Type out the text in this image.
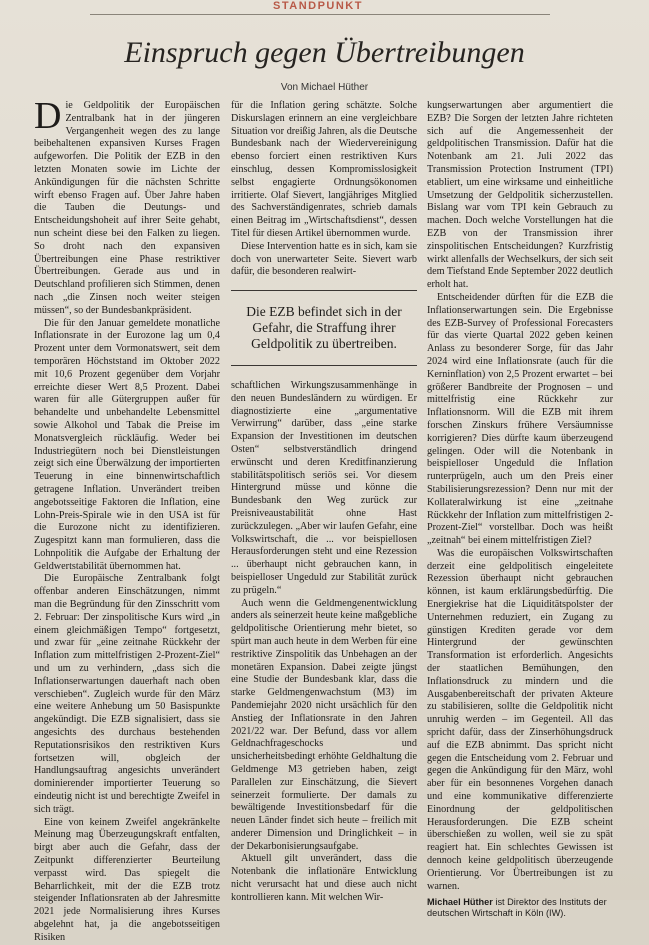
STANDPUNKT
Einspruch gegen Übertreibungen
Von Michael Hüther

Die Geldpolitik der Europäischen Zentralbank hat in der jüngeren Vergangenheit wegen des zu lange beibehaltenen expansiven Kurses Fragen aufgeworfen. Die Politik der EZB in den letzten Monaten sowie im Lichte der Ankündigungen für die nächsten Schritte wirft ebenso Fragen auf. Über Jahre haben die Tauben die Deutungs- und Entscheidungshoheit auf ihrer Seite gehabt, nun scheint diese bei den Falken zu liegen. So droht nach den expansiven Übertreibungen eine Phase restriktiver Übertreibungen. Gerade aus und in Deutschland profilieren sich Stimmen, denen nach „die Zinsen noch weiter steigen müssen“, so der Bundesbankpräsident.

Die für den Januar gemeldete monatliche Inflationsrate in der Eurozone lag um 0,4 Prozent unter dem Vormonatswert, seit dem temporären Höchststand im Oktober 2022 mit 10,6 Prozent gegenüber dem Vorjahr erreichte dieser Wert 8,5 Prozent. Dabei waren für alle Gütergruppen außer für behandelte und unbehandelte Lebensmittel sowie Alkohol und Tabak die Preise im Monatsvergleich rückläufig. Weder bei Industriegütern noch bei Dienstleistungen zeigt sich eine Überwälzung der importierten Teuerung in eine binnenwirtschaftlich getragene Inflation. Unverändert treiben angebotsseitige Faktoren die Inflation, eine Lohn-Preis-Spirale wie in den USA ist für die Eurozone nicht zu identifizieren. Zugespitzt kann man formulieren, dass die Lohnpolitik die Aufgabe der Erhaltung der Geldwertstabilität übernommen hat.

Die Europäische Zentralbank folgt offenbar anderen Einschätzungen, nimmt man die Begründung für den Zinsschritt vom 2. Februar: Der zinspolitische Kurs wird „in einem gleichmäßigen Tempo“ fortgesetzt, und zwar für „eine zeitnahe Rückkehr der Inflation zum mittelfristigen 2-Prozent-Ziel“ und um zu verhindern, „dass sich die Inflationserwartungen dauerhaft nach oben verschieben“. Zugleich wurde für den März eine weitere Anhebung um 50 Basispunkte angekündigt. Die EZB signalisiert, dass sie angesichts des durchaus bestehenden Reputationsrisikos den restriktiven Kurs fortsetzen will, obgleich der Handlungsauftrag angesichts unverändert dominierender importierter Teuerung so eindeutig nicht ist und berechtigte Zweifel in sich trägt.

Eine von keinem Zweifel angekränkelte Meinung mag Überzeugungskraft entfalten, birgt aber auch die Gefahr, dass der Zeitpunkt differenzierter Beurteilung verpasst wird. Das spiegelt die Beharrlichkeit, mit der die EZB trotz steigender Inflationsraten ab der Jahresmitte 2021 jede Normalisierung ihres Kurses abgelehnt hat, ja die angebotsseitigen Risiken

für die Inflation gering schätzte. Solche Diskurslagen erinnern an eine vergleichbare Situation vor dreißig Jahren, als die Deutsche Bundesbank nach der Wiedervereinigung ebenso forciert einen restriktiven Kurs einschlug, dessen Kompromisslosigkeit selbst engagierte Ordnungsökonomen irritierte. Olaf Sievert, langjähriges Mitglied des Sachverständigenrates, schrieb damals einen Beitrag im „Wirtschaftsdienst“, dessen Titel für diesen Artikel übernommen wurde.

Diese Intervention hatte es in sich, kam sie doch von unerwarteter Seite. Sievert warb dafür, die besonderen realwirt-

Die EZB befindet sich in der Gefahr, die Straffung ihrer Geldpolitik zu übertreiben.

schaftlichen Wirkungszusammenhänge in den neuen Bundesländern zu würdigen. Er diagnostizierte eine „argumentative Verwirrung“ darüber, dass „eine starke Expansion der Investitionen im deutschen Osten“ selbstverständlich dringend erwünscht und deren Kreditfinanzierung stabilitätspolitisch seriös sei. Vor diesem Hintergrund müsse und könne die Bundesbank den Weg zurück zur Preisniveaustabilität ohne Hast zurückzulegen. „Aber wir laufen Gefahr, eine Volkswirtschaft, die ... vor beispiellosen Herausforderungen steht und eine Rezession ... überhaupt nicht gebrauchen kann, in beispielloser Ungeduld zur Stabilität zurück zu prügeln.“

Auch wenn die Geldmengenentwicklung anders als seinerzeit heute keine maßgebliche geldpolitische Orientierung mehr bietet, so spürt man auch heute in dem Werben für eine restriktive Zinspolitik das Unbehagen an der monetären Expansion. Dabei zeigte jüngst eine Studie der Bundesbank klar, dass die starke Geldmengenwachstum (M3) im Pandemiejahr 2020 nicht ursächlich für den Anstieg der Inflationsrate in den Jahren 2021/22 war. Der Befund, dass vor allem Geldnachfrageschocks und unsicherheitsbedingt erhöhte Geldhaltung die Geldmenge M3 getrieben haben, zeigt Parallelen zur Einschätzung, die Sievert seinerzeit formulierte. Der damals zu bewältigende Investitionsbedarf für die neuen Länder findet sich heute – freilich mit anderer Dimension und Dringlichkeit – in der Dekarbonisierungsaufgabe.

Aktuell gilt unverändert, dass die Notenbank die inflationäre Entwicklung nicht verursacht hat und diese auch nicht kontrollieren kann. Mit welchen Wir-

kungserwartungen aber argumentiert die EZB? Die Sorgen der letzten Jahre richteten sich auf die Angemessenheit der geldpolitischen Transmission. Dafür hat die Notenbank am 21. Juli 2022 das Transmission Protection Instrument (TPI) etabliert, um eine wirksame und einheitliche Umsetzung der Geldpolitik sicherzustellen. Bislang war vom TPI kein Gebrauch zu machen. Doch welche Vorstellungen hat die EZB von der Transmission ihrer zinspolitischen Entscheidungen? Kurzfristig wirkt allenfalls der Wechselkurs, der sich seit dem Tiefstand Ende September 2022 deutlich erholt hat.

Entscheidender dürften für die EZB die Inflationserwartungen sein. Die Ergebnisse des EZB-Survey of Professional Forecasters für das vierte Quartal 2022 geben keinen Anlass zu besonderer Sorge, für das Jahr 2024 wird eine Inflationsrate (auch für die Kerninflation) von 2,5 Prozent erwartet – bei größerer Bandbreite der Prognosen – und mittelfristig eine Rückkehr zur Inflationsnorm. Will die EZB mit ihrem forschen Zinskurs frühere Versäumnisse korrigieren? Dies dürfte kaum überzeugend gelingen. Oder will die Notenbank in beispielloser Ungeduld die Inflation runterprügeln, auch um den Preis einer Stabilisierungsrezession? Denn nur mit der Kollateralwirkung ist eine „zeitnahe Rückkehr der Inflation zum mittelfristigen 2-Prozent-Ziel“ vorstellbar. Doch was heißt „zeitnah“ bei einem mittelfristigen Ziel?

Was die europäischen Volkswirtschaften derzeit eine geldpolitisch eingeleitete Rezession überhaupt nicht gebrauchen können, ist kaum erklärungsbedürftig. Die Energiekrise hat die Liquiditätspolster der Unternehmen reduziert, ein Zugang zu günstigen Krediten gerade vor dem Hintergrund der gewünschten Transformation ist erforderlich. Angesichts der staatlichen Bemühungen, den Inflationsdruck zu mindern und die Ausgabenbereitschaft der privaten Akteure zu stabilisieren, sollte die Geldpolitik nicht unruhig werden – im Gegenteil. All das spricht dafür, dass der Zinserhöhungsdruck auf die EZB abnimmt. Das spricht nicht gegen die Entscheidung vom 2. Februar und gegen die Ankündigung für den März, wohl aber für ein besonnenes Vorgehen danach und eine kommunikative differenzierte Einordnung der geldpolitischen Herausforderungen. Die EZB scheint überschießen zu wollen, weil sie zu spät reagiert hat. Ein schlechtes Gewissen ist dennoch keine geldpolitisch überzeugende Orientierung. Vor Übertreibungen ist zu warnen.

Michael Hüther ist Direktor des Instituts der deutschen Wirtschaft in Köln (IW).
